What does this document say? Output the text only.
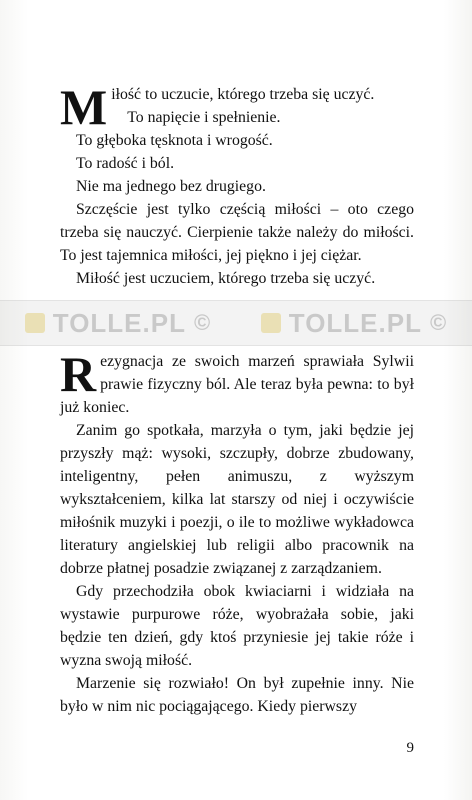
Miłość to uczucie, którego trzeba się uczyć.

To napięcie i spełnienie.

To głęboka tęsknota i wrogość.

To radość i ból.

Nie ma jednego bez drugiego.

Szczęście jest tylko częścią miłości – oto czego trzeba się nauczyć. Cierpienie także należy do miłości. To jest tajemnica miłości, jej piękno i jej ciężar.

Miłość jest uczuciem, którego trzeba się uczyć.

TOLLE.PL ©	TOLLE.PL ©

Rezygnacja ze swoich marzeń sprawiała Sylwii prawie fizyczny ból. Ale teraz była pewna: to był już koniec.

Zanim go spotkała, marzyła o tym, jaki będzie jej przyszły mąż: wysoki, szczupły, dobrze zbudowany, inteligentny, pełen animuszu, z wyższym wykształceniem, kilka lat starszy od niej i oczywiście miłośnik muzyki i poezji, o ile to możliwe wykładowca literatury angielskiej lub religii albo pracownik na dobrze płatnej posadzie związanej z zarządzaniem.

Gdy przechodziła obok kwiaciarni i widziała na wystawie purpurowe róże, wyobrażała sobie, jaki będzie ten dzień, gdy ktoś przyniesie jej takie róże i wyzna swoją miłość.

Marzenie się rozwiało! On był zupełnie inny. Nie było w nim nic pociągającego. Kiedy pierwszy

9
